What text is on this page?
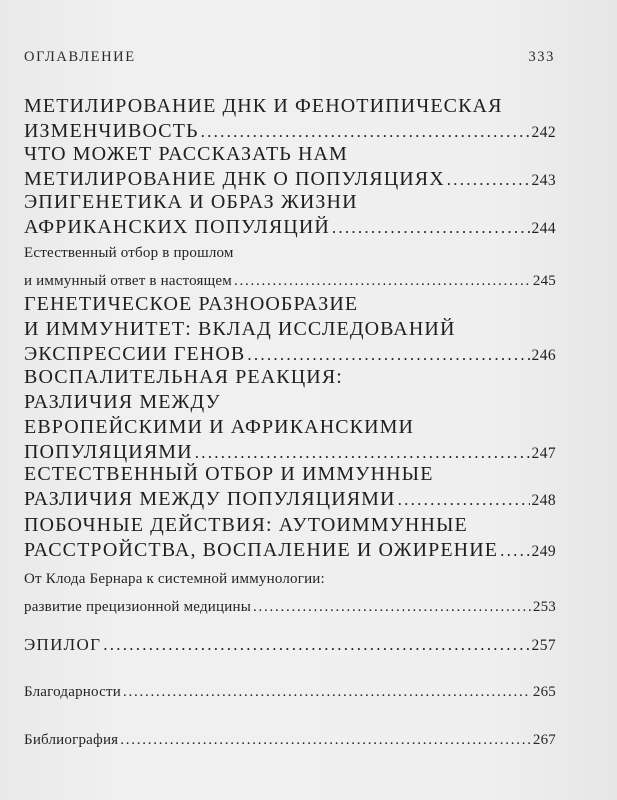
ОГЛАВЛЕНИЕ	333
МЕТИЛИРОВАНИЕ ДНК И ФЕНОТИПИЧЕСКАЯ
ИЗМЕНЧИВОСТЬ . . .	242
ЧТО МОЖЕТ РАССКАЗАТЬ НАМ
МЕТИЛИРОВАНИЕ ДНК О ПОПУЛЯЦИЯХ . . .	243
ЭПИГЕНЕТИКА И ОБРАЗ ЖИЗНИ
АФРИКАНСКИХ ПОПУЛЯЦИЙ . . .	244
Естественный отбор в прошлом
и иммунный ответ в настоящем . . .	245
ГЕНЕТИЧЕСКОЕ РАЗНООБРАЗИЕ
И ИММУНИТЕТ: ВКЛАД ИССЛЕДОВАНИЙ
ЭКСПРЕССИИ ГЕНОВ . . .	246
ВОСПАЛИТЕЛЬНАЯ РЕАКЦИЯ:
РАЗЛИЧИЯ МЕЖДУ
ЕВРОПЕЙСКИМИ И АФРИКАНСКИМИ
ПОПУЛЯЦИЯМИ . . .	247
ЕСТЕСТВЕННЫЙ ОТБОР И ИММУННЫЕ
РАЗЛИЧИЯ МЕЖДУ ПОПУЛЯЦИЯМИ . . .	248
ПОБОЧНЫЕ ДЕЙСТВИЯ: АУТОИММУННЫЕ
РАССТРОЙСТВА, ВОСПАЛЕНИЕ И ОЖИРЕНИЕ . . . 249
От Клода Бернара к системной иммунологии:
развитие прецизионной медицины . . .	253
ЭПИЛОГ . . .	257
Благодарности . . .	265
Библиография . . .	267
